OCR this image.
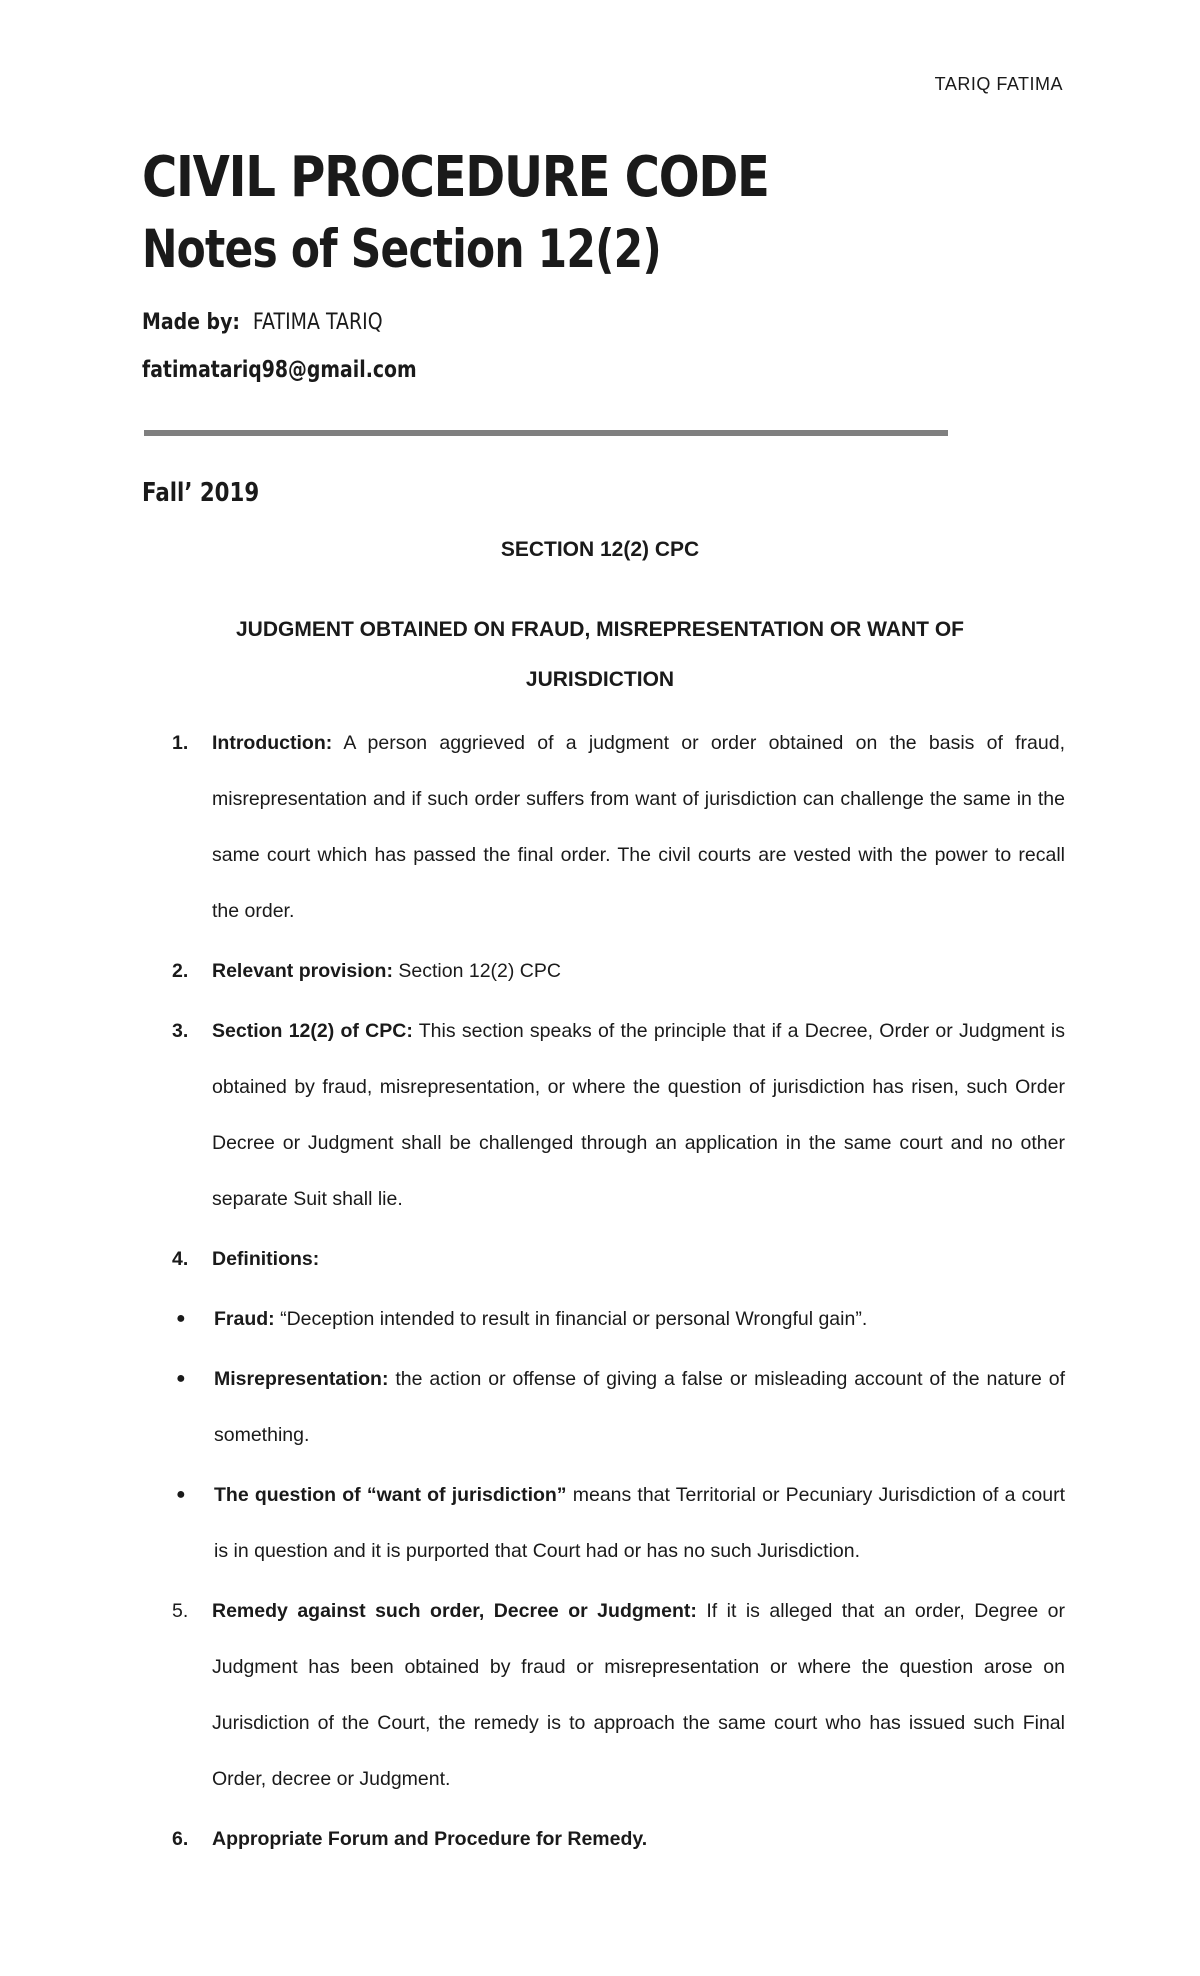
TARIQ FATIMA
CIVIL PROCEDURE CODE
Notes of Section 12(2)
Made by: FATIMA TARIQ
fatimatariq98@gmail.com
Fall’ 2019
SECTION 12(2) CPC
JUDGMENT OBTAINED ON FRAUD, MISREPRESENTATION OR WANT OF
JURISDICTION
1. Introduction: A person aggrieved of a judgment or order obtained on the basis of fraud, misrepresentation and if such order suffers from want of jurisdiction can challenge the same in the same court which has passed the final order. The civil courts are vested with the power to recall the order.
2. Relevant provision: Section 12(2) CPC
3. Section 12(2) of CPC: This section speaks of the principle that if a Decree, Order or Judgment is obtained by fraud, misrepresentation, or where the question of jurisdiction has risen, such Order Decree or Judgment shall be challenged through an application in the same court and no other separate Suit shall lie.
4. Definitions:
● Fraud: “Deception intended to result in financial or personal Wrongful gain”.
● Misrepresentation: the action or offense of giving a false or misleading account of the nature of something.
● The question of “want of jurisdiction” means that Territorial or Pecuniary Jurisdiction of a court is in question and it is purported that Court had or has no such Jurisdiction.
5. Remedy against such order, Decree or Judgment: If it is alleged that an order, Degree or Judgment has been obtained by fraud or misrepresentation or where the question arose on Jurisdiction of the Court, the remedy is to approach the same court who has issued such Final Order, decree or Judgment.
6. Appropriate Forum and Procedure for Remedy.
